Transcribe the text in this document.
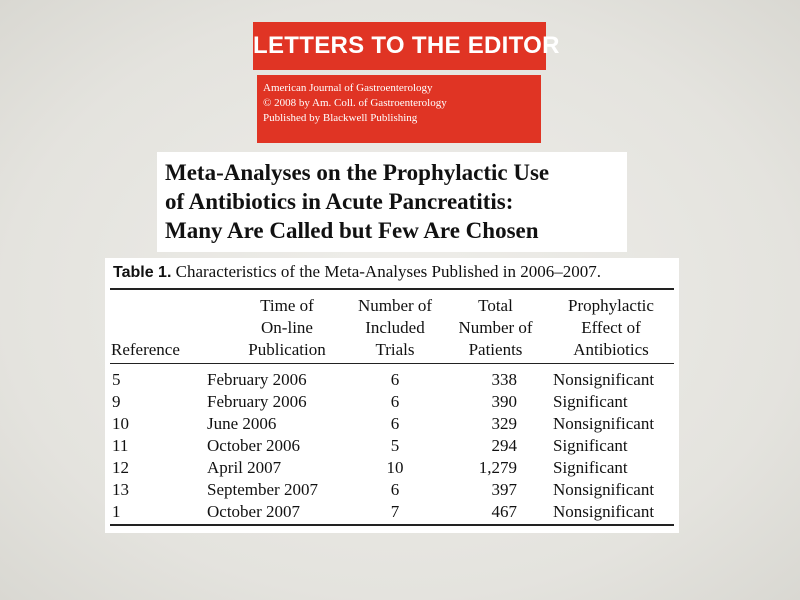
LETTERS TO THE EDITOR
American Journal of Gastroenterology
© 2008 by Am. Coll. of Gastroenterology
Published by Blackwell Publishing
Meta-Analyses on the Prophylactic Use
of Antibiotics in Acute Pancreatitis:
Many Are Called but Few Are Chosen
Table 1. Characteristics of the Meta-Analyses Published in 2006–2007.
Reference
Time of
On-line
Publication
Number of
Included
Trials
Total
Number of
Patients
Prophylactic
Effect of
Antibiotics
5
9
10
11
12
13
1
February 2006
February 2006
June 2006
October 2006
April 2007
September 2007
October 2007
6
6
6
5
10
6
7
338
390
329
294
1,279
397
467
Nonsignificant
Significant
Nonsignificant
Significant
Significant
Nonsignificant
Nonsignificant
